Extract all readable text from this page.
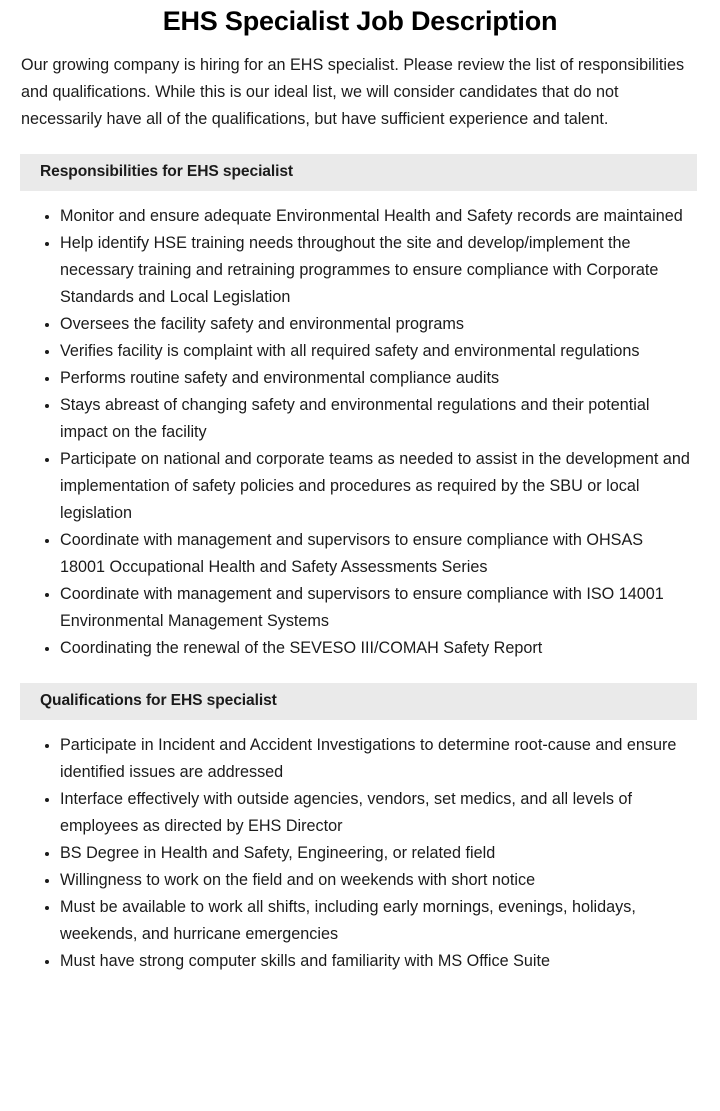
EHS Specialist Job Description

Our growing company is hiring for an EHS specialist. Please review the list of responsibilities and qualifications. While this is our ideal list, we will consider candidates that do not necessarily have all of the qualifications, but have sufficient experience and talent.

Responsibilities for EHS specialist
Monitor and ensure adequate Environmental Health and Safety records are maintained
Help identify HSE training needs throughout the site and develop/implement the necessary training and retraining programmes to ensure compliance with Corporate Standards and Local Legislation
Oversees the facility safety and environmental programs
Verifies facility is complaint with all required safety and environmental regulations
Performs routine safety and environmental compliance audits
Stays abreast of changing safety and environmental regulations and their potential impact on the facility
Participate on national and corporate teams as needed to assist in the development and implementation of safety policies and procedures as required by the SBU or local legislation
Coordinate with management and supervisors to ensure compliance with OHSAS 18001 Occupational Health and Safety Assessments Series
Coordinate with management and supervisors to ensure compliance with ISO 14001 Environmental Management Systems
Coordinating the renewal of the SEVESO III/COMAH Safety Report
Qualifications for EHS specialist
Participate in Incident and Accident Investigations to determine root-cause and ensure identified issues are addressed
Interface effectively with outside agencies, vendors, set medics, and all levels of employees as directed by EHS Director
BS Degree in Health and Safety, Engineering, or related field
Willingness to work on the field and on weekends with short notice
Must be available to work all shifts, including early mornings, evenings, holidays, weekends, and hurricane emergencies
Must have strong computer skills and familiarity with MS Office Suite
